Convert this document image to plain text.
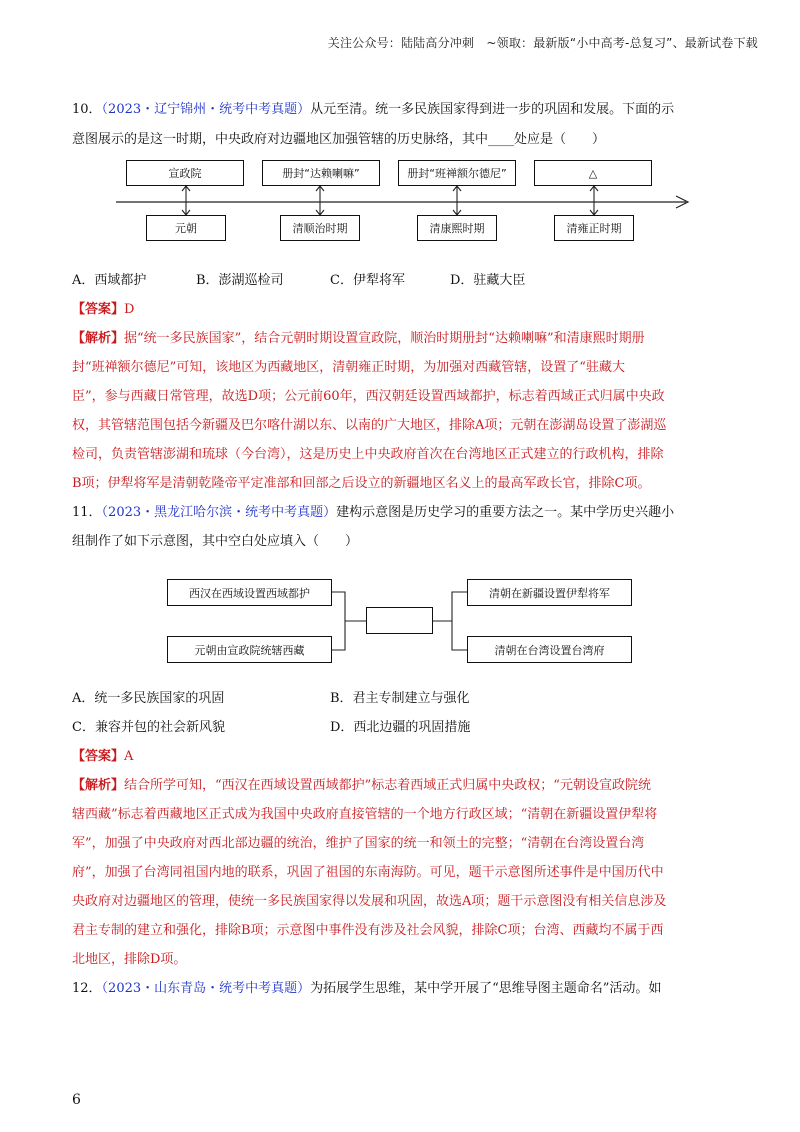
关注公众号：陆陆高分冲刺　~领取：最新版“小中高考-总复习”、最新试卷下载
10．（2023・辽宁锦州・统考中考真题）从元至清。统一多民族国家得到进一步的巩固和发展。下面的示
意图展示的是这一时期，中央政府对边疆地区加强管辖的历史脉络，其中____处应是（　　）
宣政院	册封“达赖喇嘛”	册封“班禅额尔德尼”	△
元朝	清顺治时期	清康熙时期	清雍正时期
A．西域都护	B．澎湖巡检司	C．伊犁将军	D．驻藏大臣
【答案】D
【解析】据“统一多民族国家”，结合元朝时期设置宣政院，顺治时期册封“达赖喇嘛”和清康熙时期册
封“班禅额尔德尼”可知，该地区为西藏地区，清朝雍正时期，为加强对西藏管辖，设置了“驻藏大
臣”，参与西藏日常管理，故选D项；公元前60年，西汉朝廷设置西域都护，标志着西域正式归属中央政
权，其管辖范围包括今新疆及巴尔喀什湖以东、以南的广大地区，排除A项；元朝在澎湖岛设置了澎湖巡
检司，负责管辖澎湖和琉球（今台湾），这是历史上中央政府首次在台湾地区正式建立的行政机构，排除
B项；伊犁将军是清朝乾隆帝平定准部和回部之后设立的新疆地区名义上的最高军政长官，排除C项。
11．（2023・黑龙江哈尔滨・统考中考真题）建构示意图是历史学习的重要方法之一。某中学历史兴趣小
组制作了如下示意图，其中空白处应填入（　　）
西汉在西域设置西域都护
元朝由宣政院统辖西藏
清朝在新疆设置伊犁将军
清朝在台湾设置台湾府
A．统一多民族国家的巩固	B．君主专制建立与强化
C．兼容并包的社会新风貌	D．西北边疆的巩固措施
【答案】A
【解析】结合所学可知，“西汉在西域设置西域都护”标志着西域正式归属中央政权；“元朝设宣政院统
辖西藏”标志着西藏地区正式成为我国中央政府直接管辖的一个地方行政区域；“清朝在新疆设置伊犁将
军”，加强了中央政府对西北部边疆的统治，维护了国家的统一和领土的完整；“清朝在台湾设置台湾
府”，加强了台湾同祖国内地的联系，巩固了祖国的东南海防。可见，题干示意图所述事件是中国历代中
央政府对边疆地区的管理，使统一多民族国家得以发展和巩固，故选A项；题干示意图没有相关信息涉及
君主专制的建立和强化，排除B项；示意图中事件没有涉及社会风貌，排除C项；台湾、西藏均不属于西
北地区，排除D项。
12．（2023・山东青岛・统考中考真题）为拓展学生思维，某中学开展了“思维导图主题命名”活动。如
6
